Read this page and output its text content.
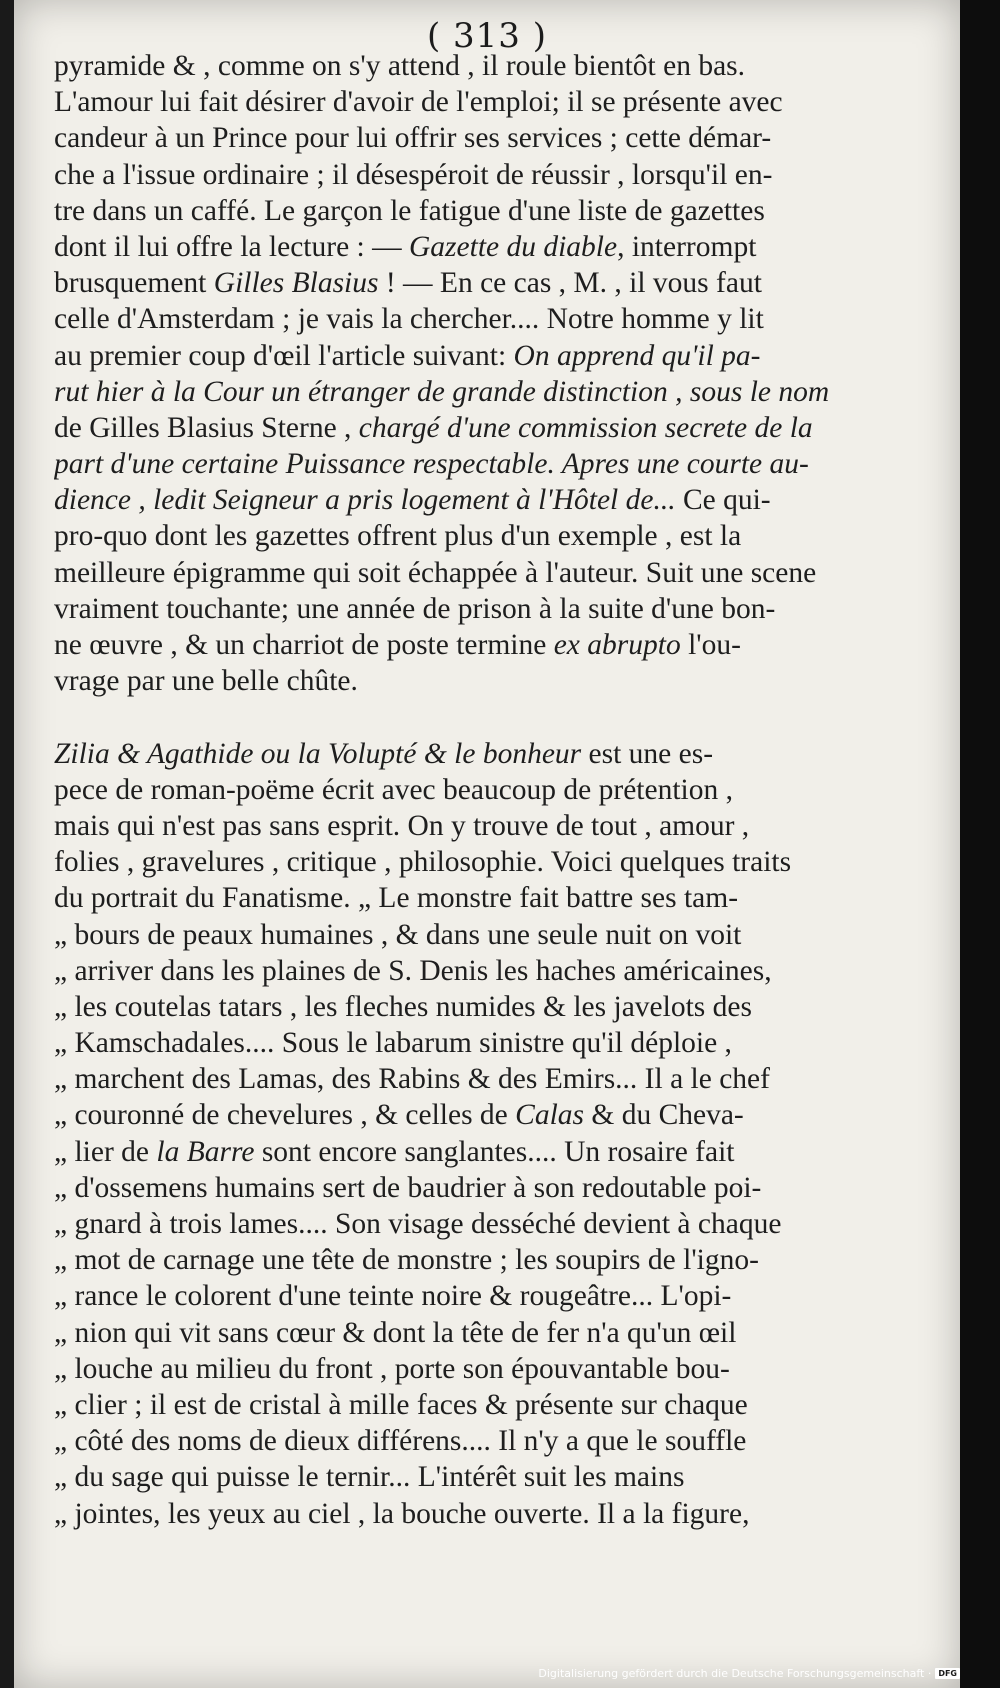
( 313 )
pyramide & , comme on s'y attend , il roule bientôt en bas.
L'amour lui fait désirer d'avoir de l'emploi; il se présente avec
candeur à un Prince pour lui offrir ses services ; cette démar-
che a l'issue ordinaire ; il désespéroit de réussir , lorsqu'il en-
tre dans un caffé. Le garçon le fatigue d'une liste de gazettes
dont il lui offre la lecture : — Gazette du diable, interrompt
brusquement Gilles Blasius ! — En ce cas , M. , il vous faut
celle d'Amsterdam ; je vais la chercher.... Notre homme y lit
au premier coup d'œil l'article suivant: On apprend qu'il pa-
rut hier à la Cour un étranger de grande distinction , sous le nom
de Gilles Blasius Sterne , chargé d'une commission secrete de la
part d'une certaine Puissance respectable. Apres une courte au-
dience , ledit Seigneur a pris logement à l'Hôtel de... Ce qui-
pro-quo dont les gazettes offrent plus d'un exemple , est la
meilleure épigramme qui soit échappée à l'auteur. Suit une scene
vraiment touchante; une année de prison à la suite d'une bon-
ne œuvre , & un charriot de poste termine ex abrupto l'ou-
vrage par une belle chûte.
Zilia & Agathide ou la Volupté & le bonheur est une es-
pece de roman-poëme écrit avec beaucoup de prétention ,
mais qui n'est pas sans esprit. On y trouve de tout , amour ,
folies , gravelures , critique , philosophie. Voici quelques traits
du portrait du Fanatisme. „ Le monstre fait battre ses tam-
„ bours de peaux humaines , & dans une seule nuit on voit
„ arriver dans les plaines de S. Denis les haches américaines,
„ les coutelas tatars , les fleches numides & les javelots des
„ Kamschadales.... Sous le labarum sinistre qu'il déploie ,
„ marchent des Lamas, des Rabins & des Emirs... Il a le chef
„ couronné de chevelures , & celles de Calas & du Cheva-
„ lier de la Barre sont encore sanglantes.... Un rosaire fait
„ d'ossemens humains sert de baudrier à son redoutable poi-
„ gnard à trois lames.... Son visage desséché devient à chaque
„ mot de carnage une tête de monstre ; les soupirs de l'igno-
„ rance le colorent d'une teinte noire & rougeâtre... L'opi-
„ nion qui vit sans cœur & dont la tête de fer n'a qu'un œil
„ louche au milieu du front , porte son épouvantable bou-
„ clier ; il est de cristal à mille faces & présente sur chaque
„ côté des noms de dieux différens.... Il n'y a que le souffle
„ du sage qui puisse le ternir... L'intérêt suit les mains
„ jointes, les yeux au ciel , la bouche ouverte. Il a la figure,
Digitalisierung gefördert durch die Deutsche Forschungsgemeinschaft · DFG
